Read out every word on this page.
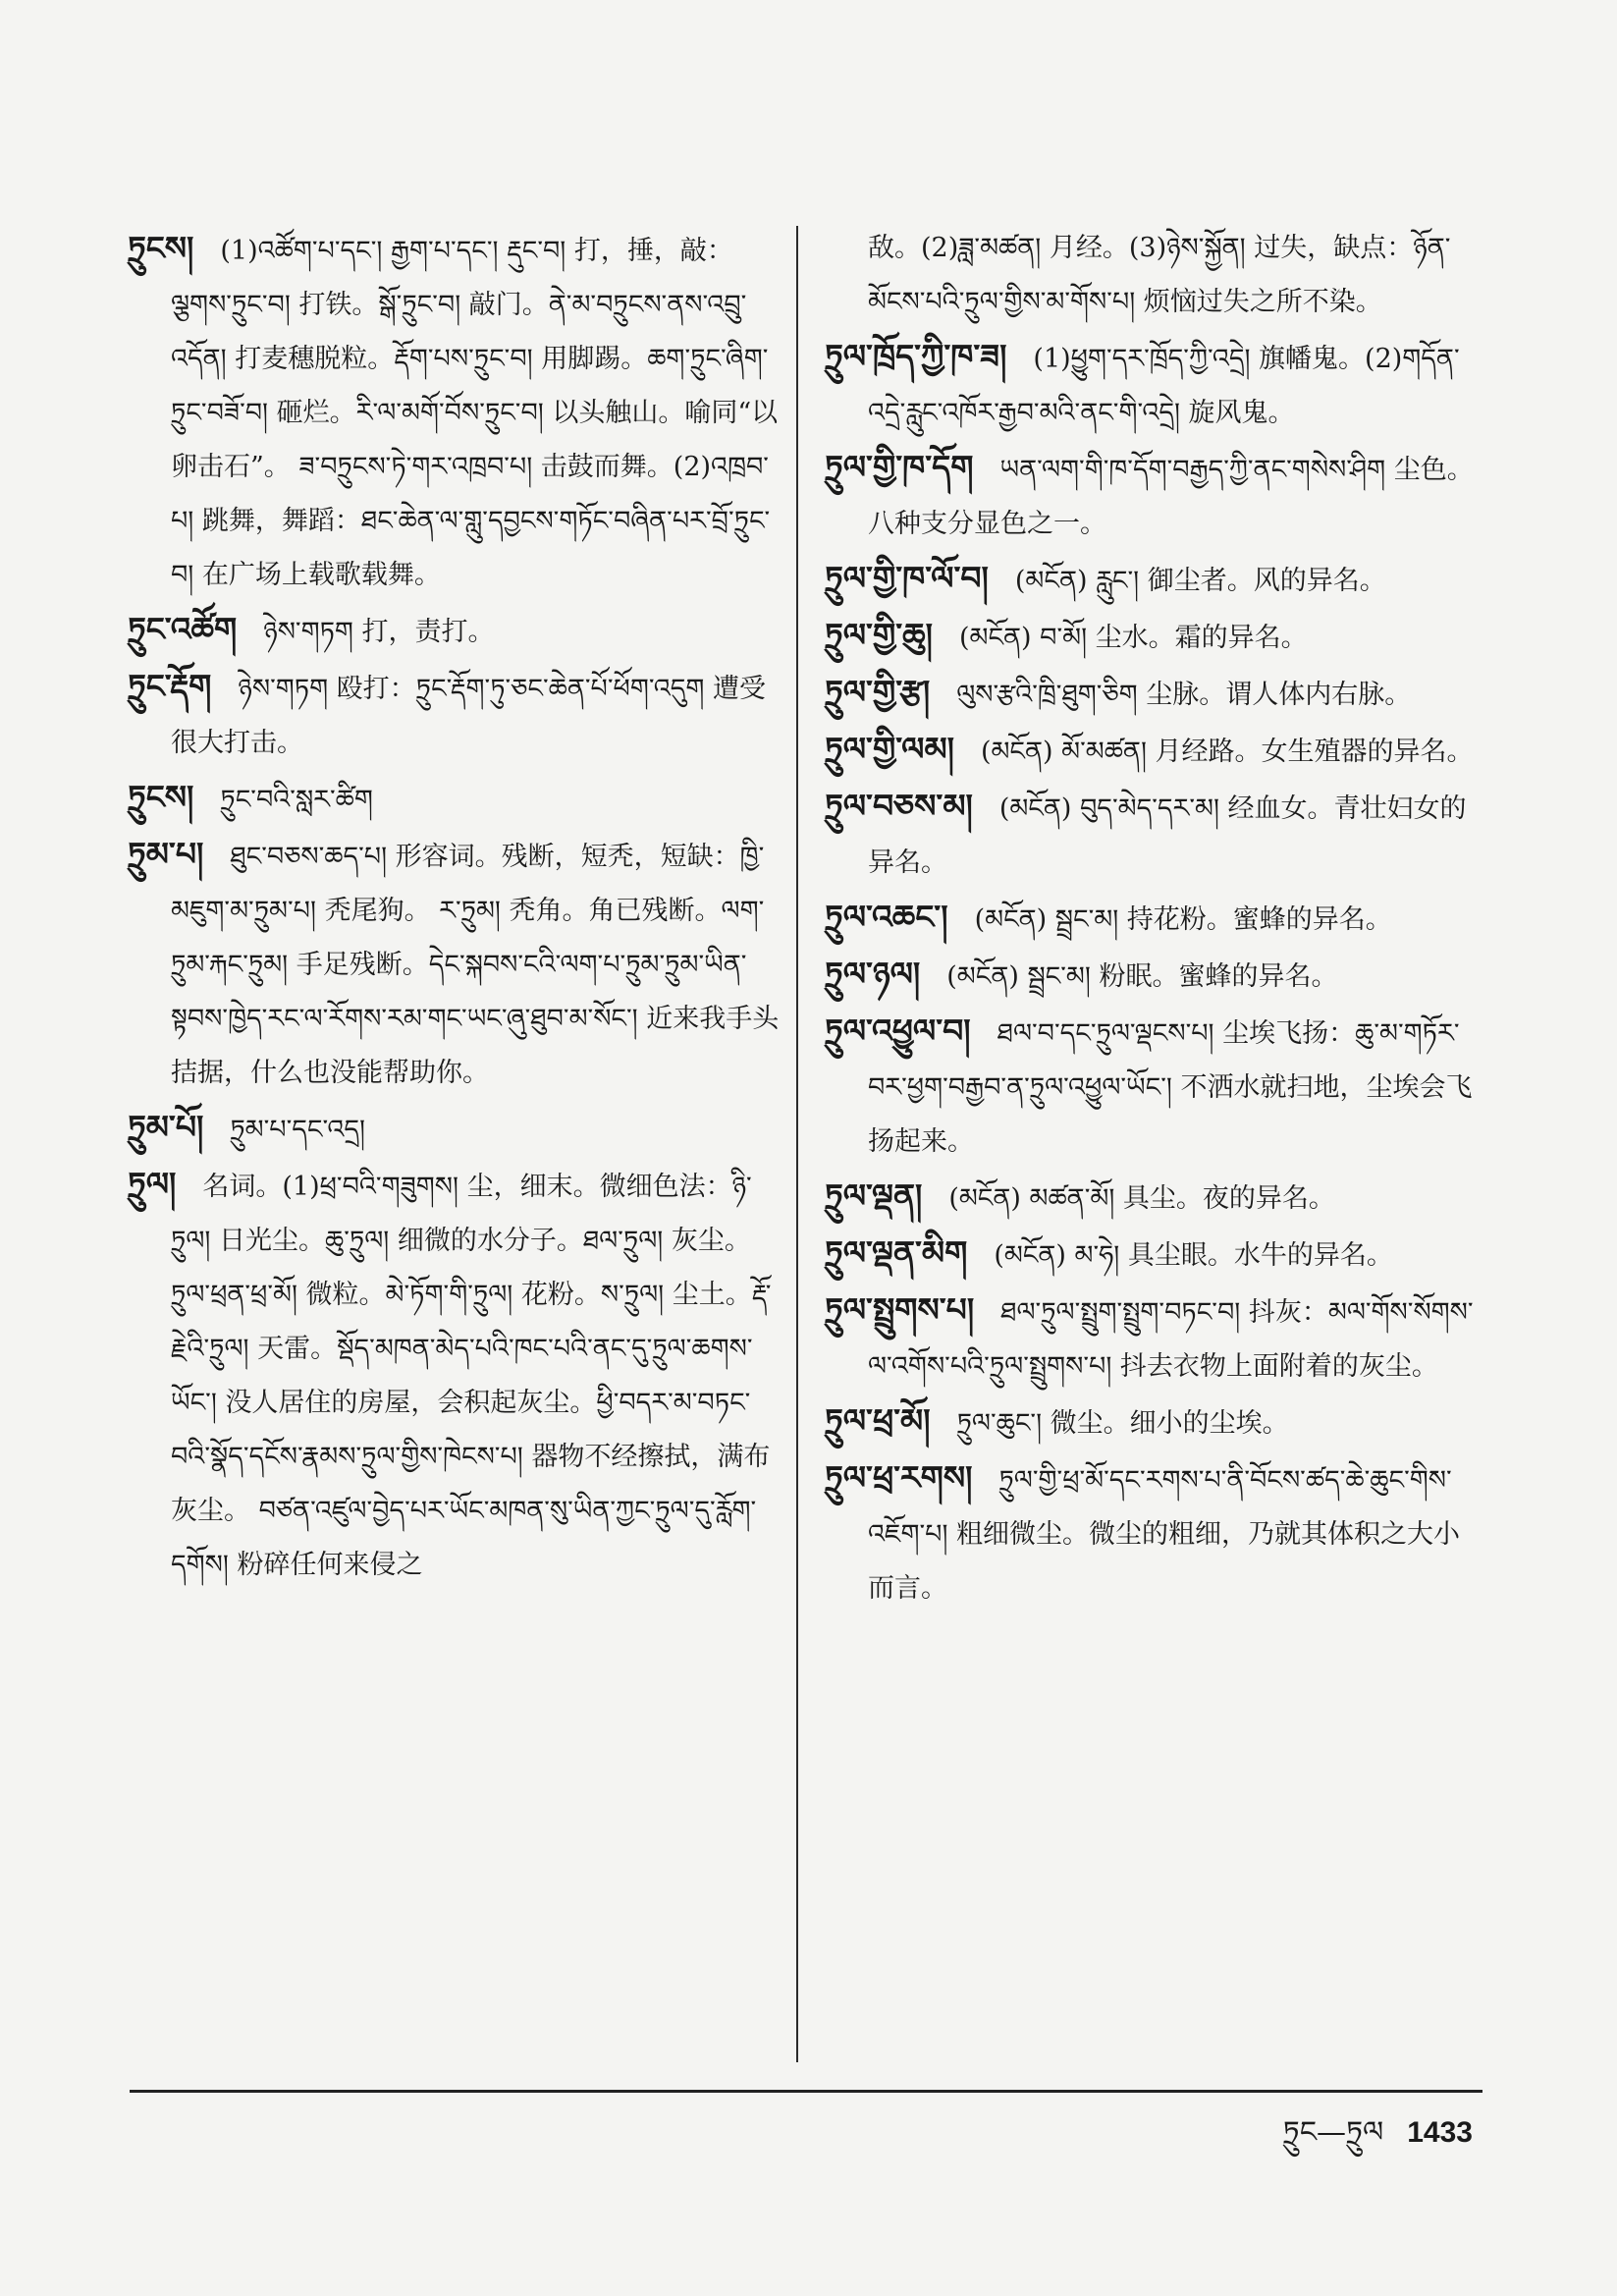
ཏྲུངས།  (1)འཚོག་པ་དང་། རྒྱག་པ་དང་། རྡུང་བ། 打，捶，敲：ལྕགས་ཏྲུང་བ། 打铁。སྒོ་ཏྲུང་བ། 敲门。ནེ་མ་བཏྲུངས་ནས་འབྲུ་འདོན། 打麦穗脱粒。རྡོག་པས་ཏྲུང་བ། 用脚踢。ཆག་ཏྲུང་ཞིག་ཏྲུང་བཟོ་བ། 砸烂。རི་ལ་མགོ་བོས་ཏྲུང་བ། 以头触山。喻同“以卵击石”。 ཟ་བཏྲུངས་ཏེ་གར་འཁྲབ་པ། 击鼓而舞。(2)འཁྲབ་པ། 跳舞，舞蹈：ཐང་ཆེན་ལ་གླུ་དབྱངས་གཏོང་བཞིན་པར་བྲོ་ཏྲུང་བ། 在广场上载歌载舞。
ཏྲུང་འཚོག  ཉེས་གཏག 打，责打。
ཏྲུང་རྡོག  ཉེས་གཏག 殴打：ཏྲུང་རྡོག་ཏུ་ཅང་ཆེན་པོ་ཕོག་འདུག 遭受很大打击。
ཏྲུངས།  ཏྲུང་བའི་སླར་ཚིག
ཏྲུམ་པ།  ཐུང་བཅས་ཆད་པ། 形容词。残断，短秃，短缺：ཁྱི་མཇུག་མ་ཏྲུམ་པ། 秃尾狗。 ར་ཏྲུམ། 秃角。角已残断。ལག་ཏྲུམ་རྐང་ཏྲུམ། 手足残断。དེང་སྐབས་ངའི་ལག་པ་ཏྲུམ་ཏྲུམ་ཡིན་སྟབས་ཁྱེད་རང་ལ་རོགས་རམ་གང་ཡང་ཞུ་ཐུབ་མ་སོང་། 近来我手头拮据，什么也没能帮助你。
ཏྲུམ་པོ།  ཏྲུམ་པ་དང་འདྲ།
ཏྲུལ།  名词。(1)ཕྲ་བའི་གཟུགས། 尘，细末。微细色法：ཉི་ཏྲུལ། 日光尘。ཆུ་ཏྲུལ། 细微的水分子。ཐལ་ཏྲུལ། 灰尘。ཏྲུལ་ཕྲན་ཕྲ་མོ། 微粒。མེ་ཏོག་གི་ཏྲུལ། 花粉。ས་ཏྲུལ། 尘土。རྡོ་རྗེའི་ཏྲུལ། 天雷。སྡོད་མཁན་མེད་པའི་ཁང་པའི་ནང་དུ་ཏྲུལ་ཆགས་ཡོང་། 没人居住的房屋，会积起灰尘。ཕྱི་བདར་མ་བཏང་བའི་སྣོད་དངོས་རྣམས་ཏྲུལ་གྱིས་ཁེངས་པ། 器物不经擦拭，满布灰尘。 བཙན་འཛུལ་བྱེད་པར་ཡོང་མཁན་སུ་ཡིན་ཀྱང་ཏྲུལ་དུ་རློག་དགོས། 粉碎任何来侵之
敌。(2)ཟླ་མཚན། 月经。(3)ཉེས་སྐྱོན། 过失，缺点：ཉོན་མོངས་པའི་ཏྲུལ་གྱིས་མ་གོས་པ། 烦恼过失之所不染。
ཏྲུལ་ཁྲོད་ཀྱི་ཁ་ཟ།  (1)ཕྱུག་དར་ཁྲོད་ཀྱི་འདྲེ། 旗幡鬼。(2)གདོན་འདྲེ་རླུང་འཁོར་རྒྱབ་མའི་ནང་གི་འདྲེ། 旋风鬼。
ཏྲུལ་གྱི་ཁ་དོག  ཡན་ལག་གི་ཁ་དོག་བརྒྱད་ཀྱི་ནང་གསེས་ཤིག 尘色。八种支分显色之一。
ཏྲུལ་གྱི་ཁ་ལོ་བ།  (མངོན) རླུང་། 御尘者。风的异名。
ཏྲུལ་གྱི་ཆུ།  (མངོན) བ་མོ། 尘水。霜的异名。
ཏྲུལ་གྱི་རྩ།  ལུས་རྩའི་ཁྲི་ཐུག་ཅིག 尘脉。谓人体内右脉。
ཏྲུལ་གྱི་ལམ།  (མངོན) མོ་མཚན། 月经路。女生殖器的异名。
ཏྲུལ་བཅས་མ།  (མངོན) བུད་མེད་དར་མ། 经血女。青壮妇女的异名。
ཏྲུལ་འཆང་།  (མངོན) སྦྲང་མ། 持花粉。蜜蜂的异名。
ཏྲུལ་ཉལ།  (མངོན) སྦྲང་མ། 粉眠。蜜蜂的异名。
ཏྲུལ་འཕྱུལ་བ།  ཐལ་བ་དང་ཏྲུལ་ལྡངས་པ། 尘埃飞扬：ཆུ་མ་གཏོར་བར་ཕྱག་བརྒྱབ་ན་ཏྲུལ་འཕྱུལ་ཡོང་། 不洒水就扫地，尘埃会飞扬起来。
ཏྲུལ་ལྡན།  (མངོན) མཚན་མོ། 具尘。夜的异名。
ཏྲུལ་ལྡན་མིག  (མངོན) མ་ཧེ། 具尘眼。水牛的异名。
ཏྲུལ་སྤྲུགས་པ།  ཐལ་ཏྲུལ་སྤྲུག་སྤྲུག་བཏང་བ། 抖灰：མལ་གོས་སོགས་ལ་འགོས་པའི་ཏྲུལ་སྤྲུགས་པ། 抖去衣物上面附着的灰尘。
ཏྲུལ་ཕྲ་མོ།  ཏྲུལ་ཆུང་། 微尘。细小的尘埃。
ཏྲུལ་ཕྲ་རགས།  ཏྲུལ་གྱི་ཕྲ་མོ་དང་རགས་པ་ནི་བོངས་ཚད་ཆེ་ཆུང་གིས་འཇོག་པ། 粗细微尘。微尘的粗细，乃就其体积之大小而言。
ཏྲུང—ཏྲུལ 1433
